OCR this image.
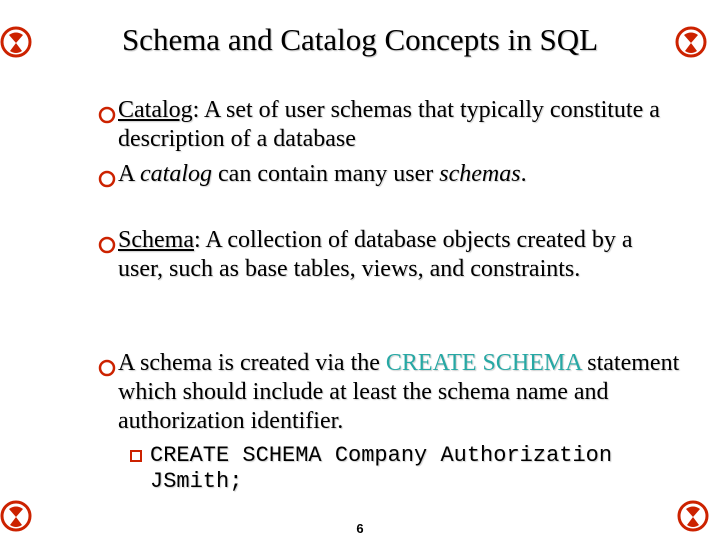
Schema and Catalog Concepts in SQL
Catalog: A set of user schemas that typically constitute a description of a database
A catalog can contain many user schemas.
Schema: A collection of database objects created by a user, such as base tables, views, and constraints.
A schema is created via the CREATE SCHEMA statement which should include at least the schema name and authorization identifier.
CREATE SCHEMA Company Authorization JSmith;
6
